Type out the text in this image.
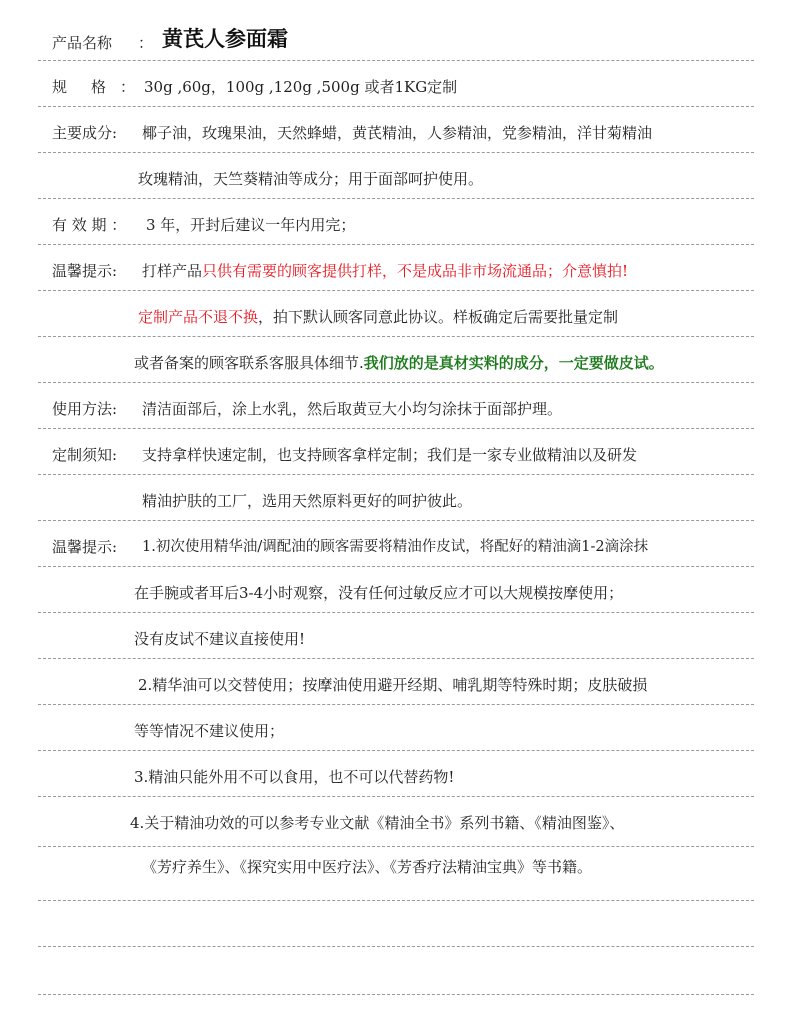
产品名称 ： 黄芪人参面霜
规 格 ： 30g ,60g，100g ,120g ,500g 或者1KG定制
主要成分: 椰子油，玫瑰果油，天然蜂蜡，黄芪精油，人参精油，党参精油，洋甘菊精油
玫瑰精油，天竺葵精油等成分；用于面部呵护使用。
有 效 期 ： 3 年，开封后建议一年内用完；
温馨提示: 打样产品只供有需要的顾客提供打样，不是成品非市场流通品；介意慎拍!
定制产品不退不换，拍下默认顾客同意此协议。样板确定后需要批量定制
或者备案的顾客联系客服具体细节.我们放的是真材实料的成分，一定要做皮试。
使用方法: 清洁面部后，涂上水乳，然后取黄豆大小均匀涂抹于面部护理。
定制须知: 支持拿样快速定制，也支持顾客拿样定制；我们是一家专业做精油以及研发
精油护肤的工厂，选用天然原料更好的呵护彼此。
温馨提示: 1.初次使用精华油/调配油的顾客需要将精油作皮试，将配好的精油滴1-2滴涂抹
在手腕或者耳后3-4小时观察，没有任何过敏反应才可以大规模按摩使用；
没有皮试不建议直接使用!
2.精华油可以交替使用；按摩油使用避开经期、哺乳期等特殊时期；皮肤破损
等等情况不建议使用；
3.精油只能外用不可以食用，也不可以代替药物!
4.关于精油功效的可以参考专业文献《精油全书》系列书籍、《精油图鉴》、
《芳疗养生》、《探究实用中医疗法》、《芳香疗法精油宝典》等书籍。
